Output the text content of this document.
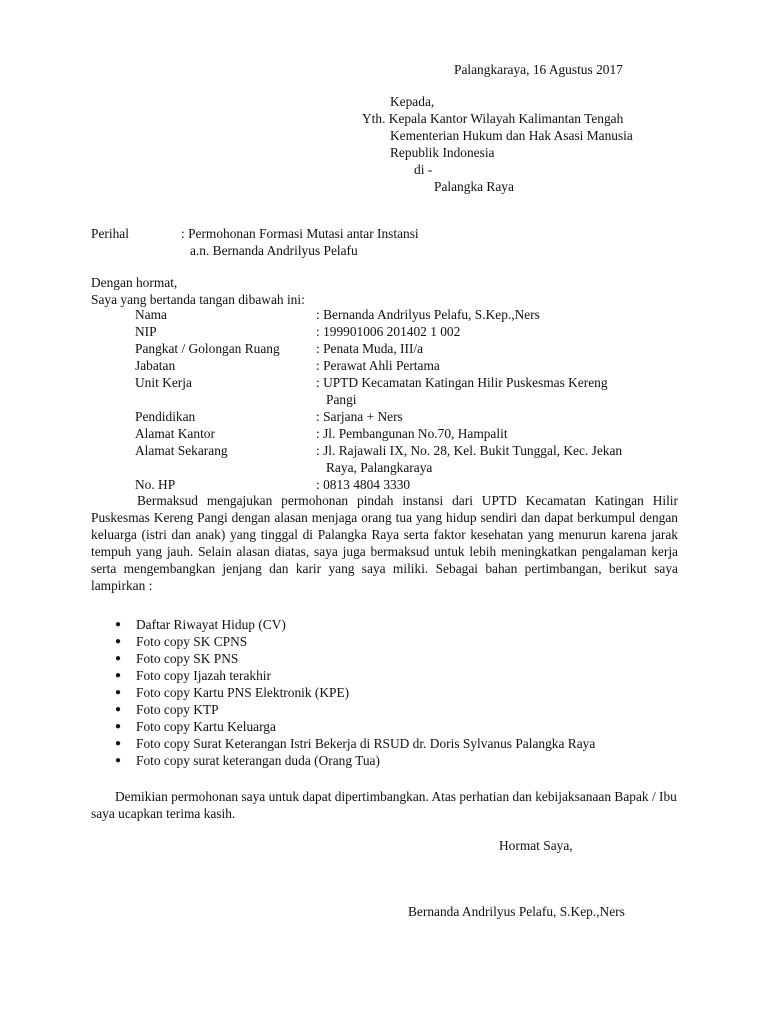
Palangkaraya, 16 Agustus 2017
Kepada,
Yth. Kepala Kantor Wilayah Kalimantan Tengah
Kementerian Hukum dan Hak Asasi Manusia
Republik Indonesia
di -
Palangka Raya
Perihal	: Permohonan Formasi Mutasi antar Instansi
a.n. Bernanda Andrilyus Pelafu
Dengan hormat,
Saya yang bertanda tangan dibawah ini:
Nama	: Bernanda Andrilyus Pelafu, S.Kep.,Ners
NIP	: 199901006 201402 1 002
Pangkat / Golongan Ruang	: Penata Muda, III/a
Jabatan	: Perawat Ahli Pertama
Unit Kerja	: UPTD Kecamatan Katingan Hilir Puskesmas Kereng
Pangi
Pendidikan	: Sarjana + Ners
Alamat Kantor	: Jl. Pembangunan No.70, Hampalit
Alamat Sekarang	: Jl. Rajawali IX, No. 28, Kel. Bukit Tunggal, Kec. Jekan
Raya, Palangkaraya
No. HP	: 0813 4804 3330
Bermaksud mengajukan permohonan pindah instansi dari UPTD Kecamatan Katingan Hilir Puskesmas Kereng Pangi dengan alasan menjaga orang tua yang hidup sendiri dan dapat berkumpul dengan keluarga (istri dan anak) yang tinggal di Palangka Raya serta faktor kesehatan yang menurun karena jarak tempuh yang jauh. Selain alasan diatas, saya juga bermaksud untuk lebih meningkatkan pengalaman kerja serta mengembangkan jenjang dan karir yang saya miliki. Sebagai bahan pertimbangan, berikut saya lampirkan :
●	Daftar Riwayat Hidup (CV)
●	Foto copy SK CPNS
●	Foto copy SK PNS
●	Foto copy Ijazah terakhir
●	Foto copy Kartu PNS Elektronik (KPE)
●	Foto copy KTP
●	Foto copy Kartu Keluarga
●	Foto copy Surat Keterangan Istri Bekerja di RSUD dr. Doris Sylvanus Palangka Raya
●	Foto copy surat keterangan duda (Orang Tua)
Demikian permohonan saya untuk dapat dipertimbangkan. Atas perhatian dan kebijaksanaan Bapak / Ibu saya ucapkan terima kasih.
Hormat Saya,
Bernanda Andrilyus Pelafu, S.Kep.,Ners
